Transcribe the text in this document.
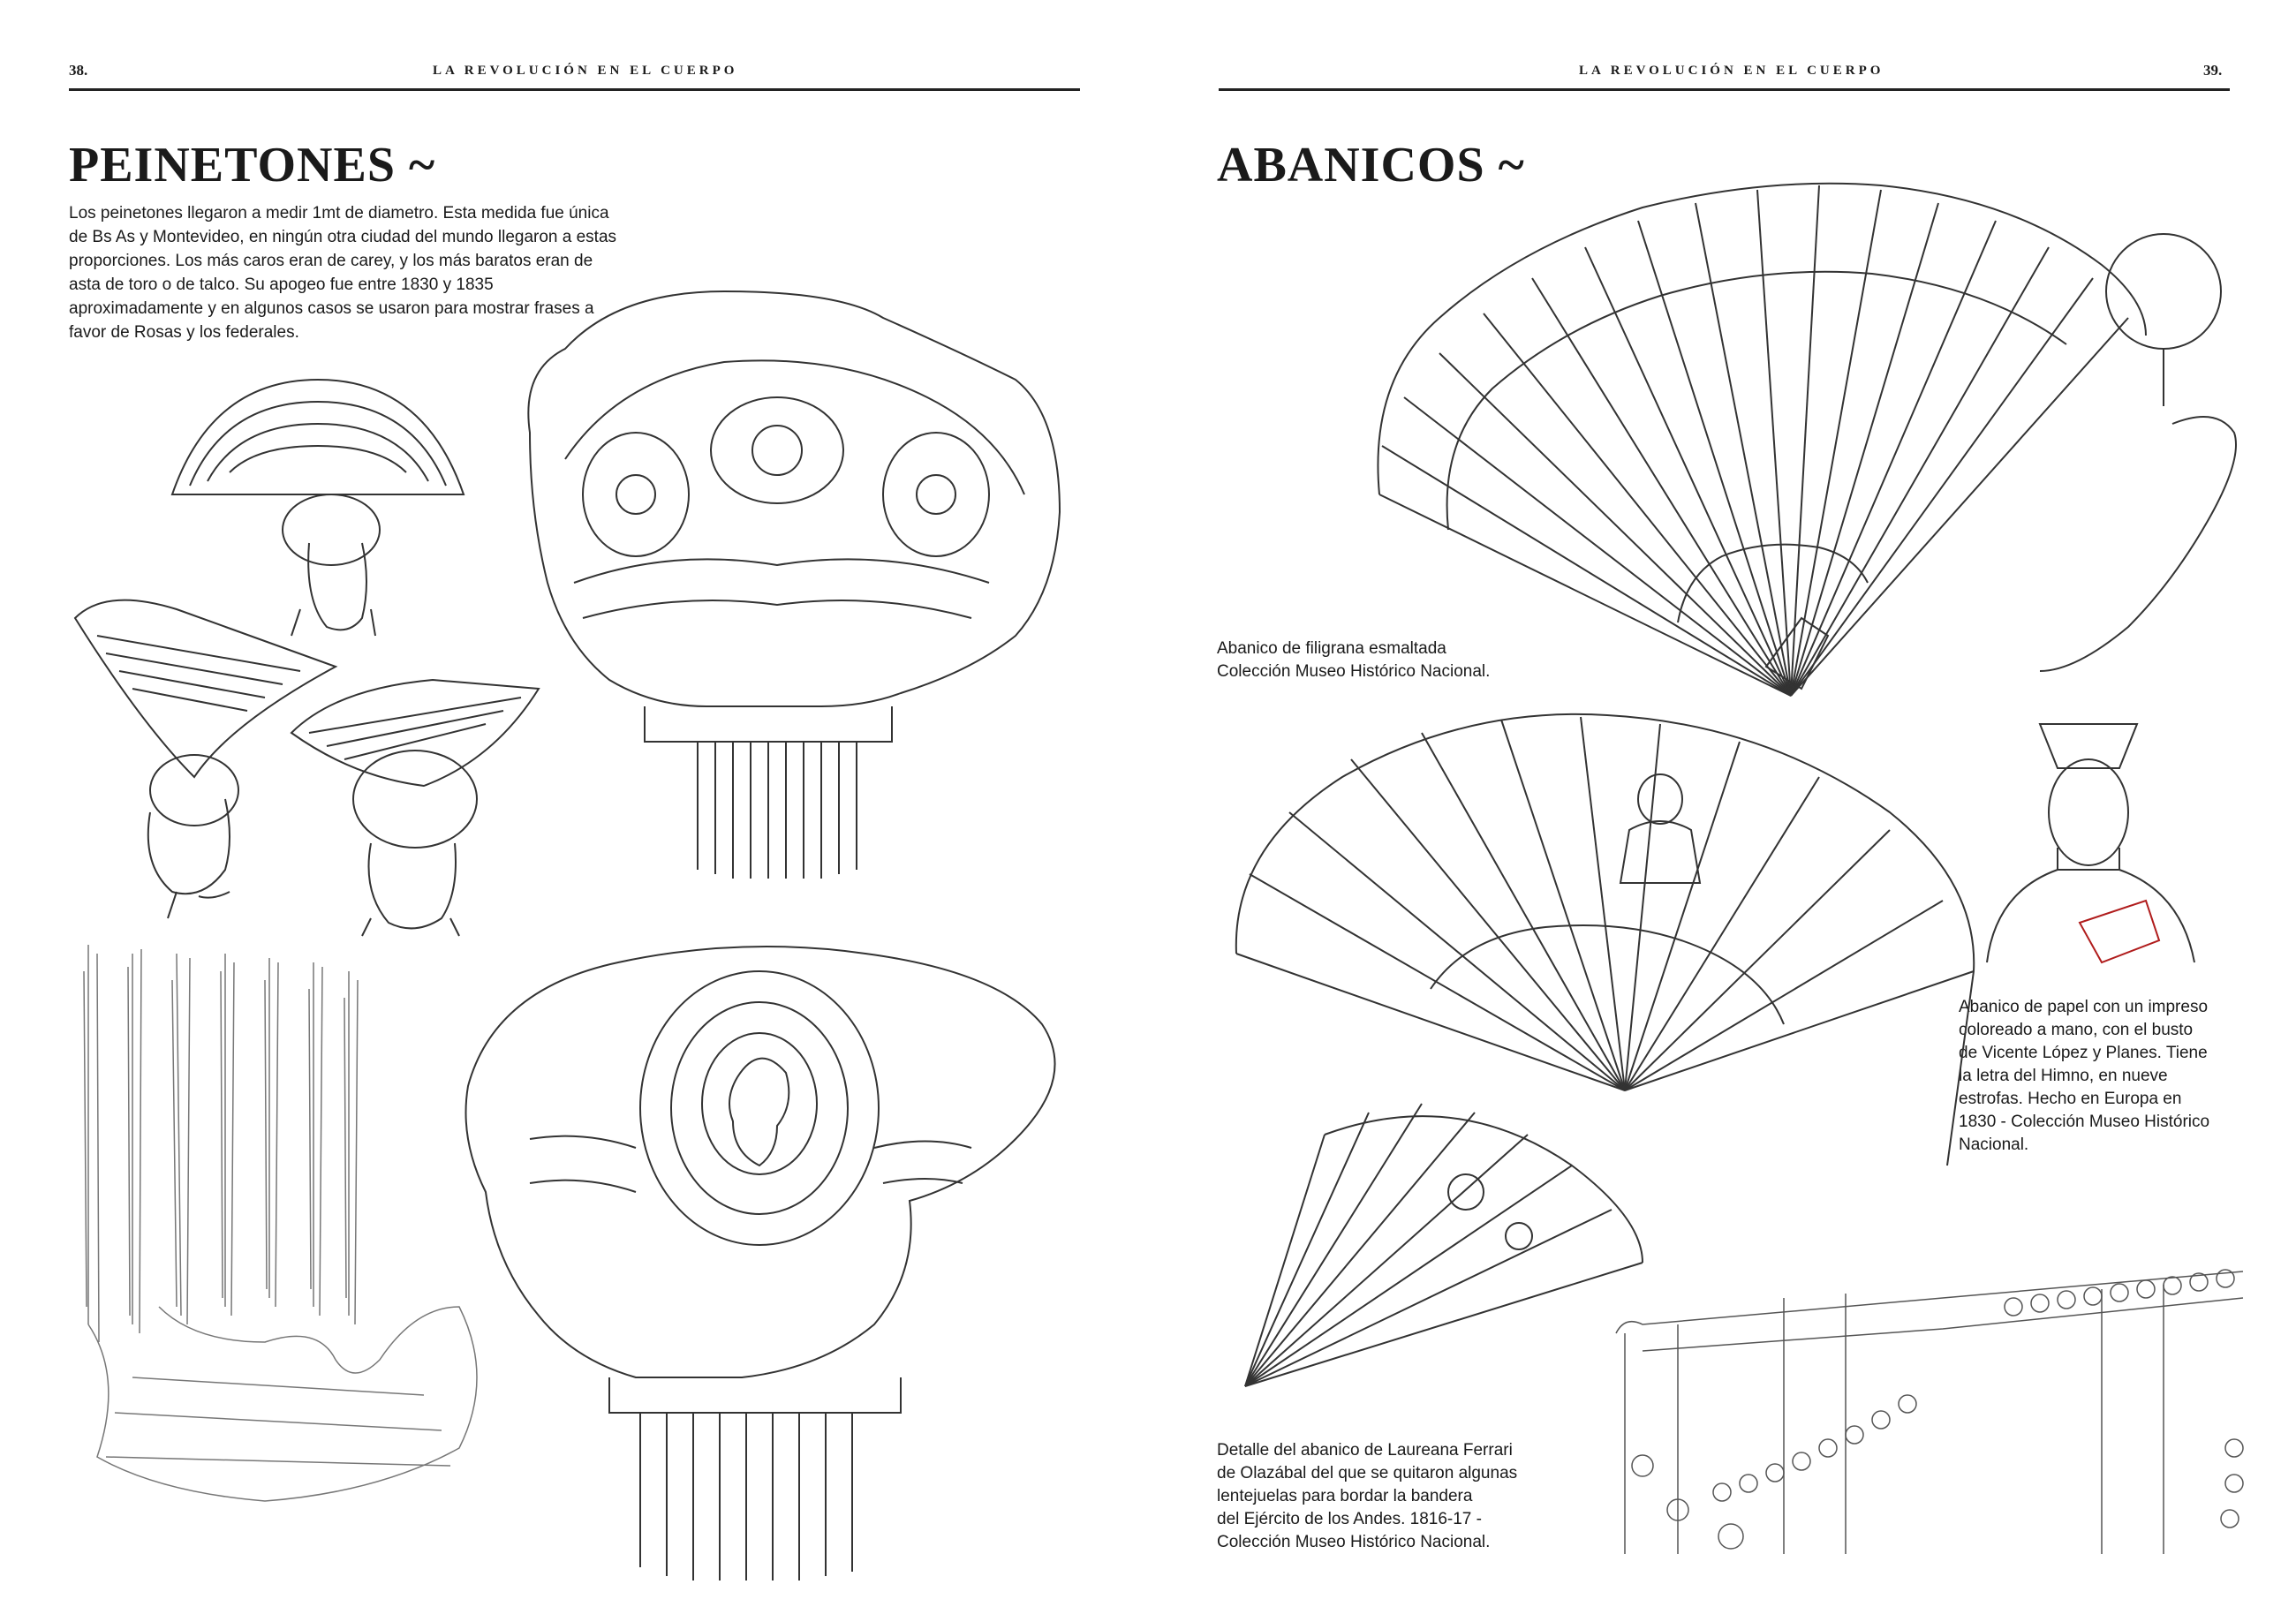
38.	LA REVOLUCIÓN EN EL CUERPO
PEINETONES ~

Los peinetones llegaron a medir 1mt de diametro. Esta medida fue única de Bs As y Montevideo, en ningún otra ciudad del mundo llegaron a estas proporciones. Los más caros eran de carey, y los más baratos eran de asta de toro o de talco. Su apogeo fue entre 1830 y 1835 aproximadamente y en algunos casos se usaron para mostrar frases a favor de Rosas y los federales.

LA REVOLUCIÓN EN EL CUERPO	39.
ABANICOS ~

Abanico de filigrana esmaltada
Colección Museo Histórico Nacional.

Abanico de papel con un impreso
coloreado a mano, con el busto
de Vicente López y Planes. Tiene
la letra del Himno, en nueve
estrofas. Hecho en Europa en
1830 - Colección Museo Histórico
Nacional.

Detalle del abanico de Laureana Ferrari
de Olazábal del que se quitaron algunas
lentejuelas para bordar la bandera
del Ejército de los Andes. 1816-17 -
Colección Museo Histórico Nacional.
